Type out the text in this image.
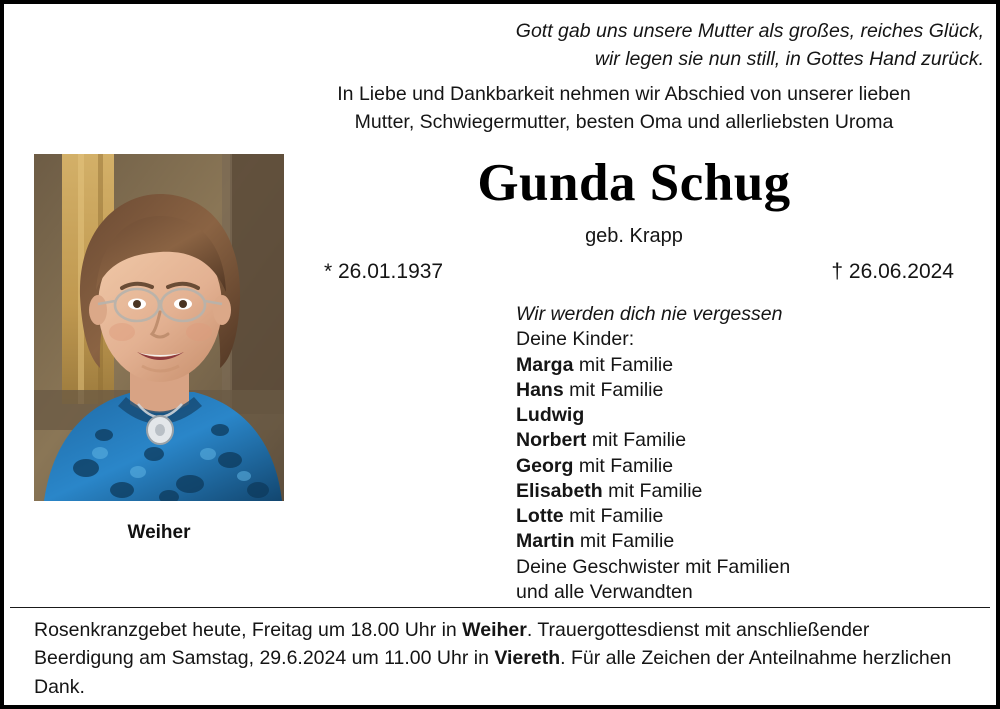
Gott gab uns unsere Mutter als großes, reiches Glück,
wir legen sie nun still, in Gottes Hand zurück.
In Liebe und Dankbarkeit nehmen wir Abschied von unserer lieben
Mutter, Schwiegermutter, besten Oma und allerliebsten Uroma
Gunda Schug
geb. Krapp
* 26.01.1937	† 26.06.2024
Wir werden dich nie vergessen
Deine Kinder:
Marga mit Familie
Hans mit Familie
Ludwig
Norbert mit Familie
Georg mit Familie
Elisabeth mit Familie
Lotte mit Familie
Martin mit Familie
Deine Geschwister mit Familien
und alle Verwandten
Weiher
Rosenkranzgebet heute, Freitag um 18.00 Uhr in Weiher. Trauergottesdienst mit anschließender Beerdigung am Samstag, 29.6.2024 um 11.00 Uhr in Viereth. Für alle Zeichen der Anteilnahme herzlichen Dank.
